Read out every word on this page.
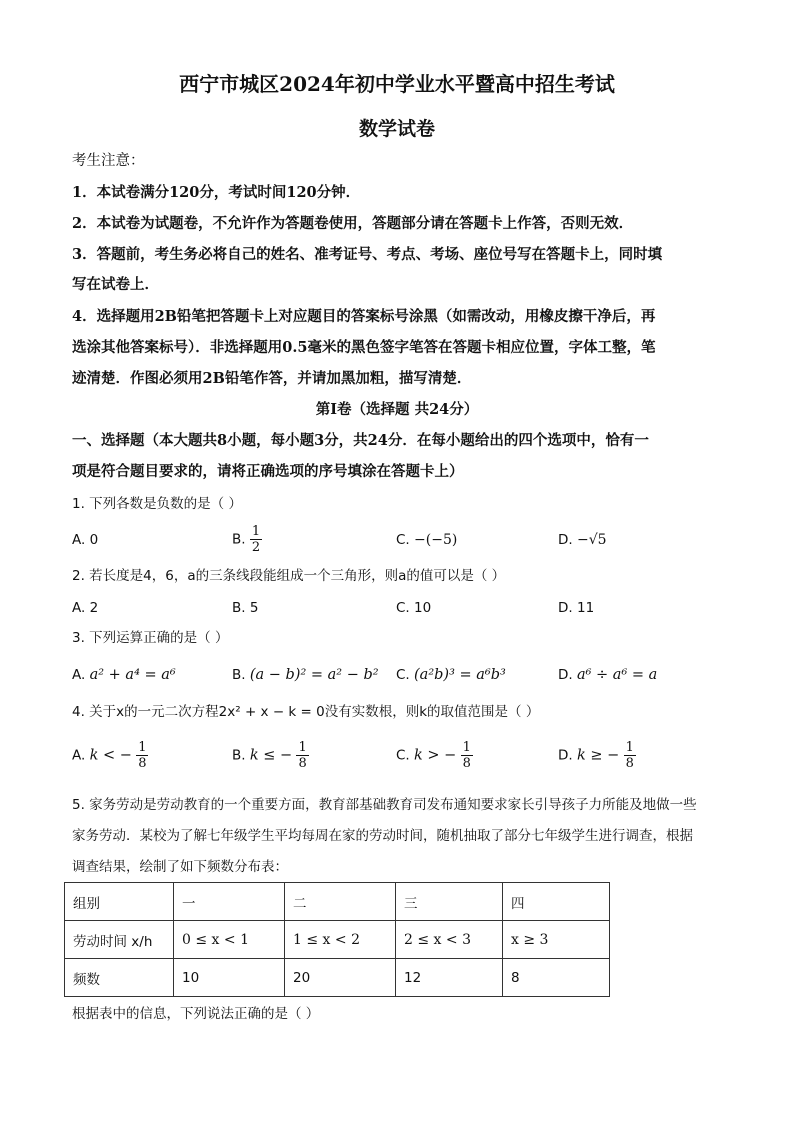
西宁市城区2024年初中学业水平暨高中招生考试
数学试卷
考生注意：
1．本试卷满分120分，考试时间120分钟．
2．本试卷为试题卷，不允许作为答题卷使用，答题部分请在答题卡上作答，否则无效．
3．答题前，考生务必将自己的姓名、准考证号、考点、考场、座位号写在答题卡上，同时填
写在试卷上．
4．选择题用2B铅笔把答题卡上对应题目的答案标号涂黑（如需改动，用橡皮擦干净后，再
选涂其他答案标号）．非选择题用0.5毫米的黑色签字笔答在答题卡相应位置，字体工整，笔
迹清楚．作图必须用2B铅笔作答，并请加黑加粗，描写清楚．
第I卷（选择题 共24分）
一、选择题（本大题共8小题，每小题3分，共24分．在每小题给出的四个选项中，恰有一
项是符合题目要求的，请将正确选项的序号填涂在答题卡上）
1. 下列各数是负数的是（ ）
A. 0	B. $\frac{1}{2}$	C. −(−5)	D. −√5
2. 若长度是4，6，a的三条线段能组成一个三角形，则a的值可以是（ ）
A. 2	B. 5	C. 10	D. 11
3. 下列运算正确的是（ ）
A. a² + a⁴ = a⁶	B. (a − b)² = a² − b² C. (a²b)³ = a⁶b³	D. a⁶ ÷ a⁶ = a
4. 关于x的一元二次方程2x² + x − k = 0没有实数根，则k的取值范围是（ ）
A. k < − $\frac{1}{8}$	B. k ≤ − $\frac{1}{8}$	C. k > − $\frac{1}{8}$	D. k ≥ − $\frac{1}{8}$
5. 家务劳动是劳动教育的一个重要方面，教育部基础教育司发布通知要求家长引导孩子力所能及地做一些
家务劳动．某校为了解七年级学生平均每周在家的劳动时间，随机抽取了部分七年级学生进行调查，根据
调查结果，绘制了如下频数分布表：
组别	一	二	三	四
劳动时间 x/h	0 ≤ x < 1	1 ≤ x < 2	2 ≤ x < 3	x ≥ 3
频数	10	20	12	8
根据表中的信息，下列说法正确的是（ ）
